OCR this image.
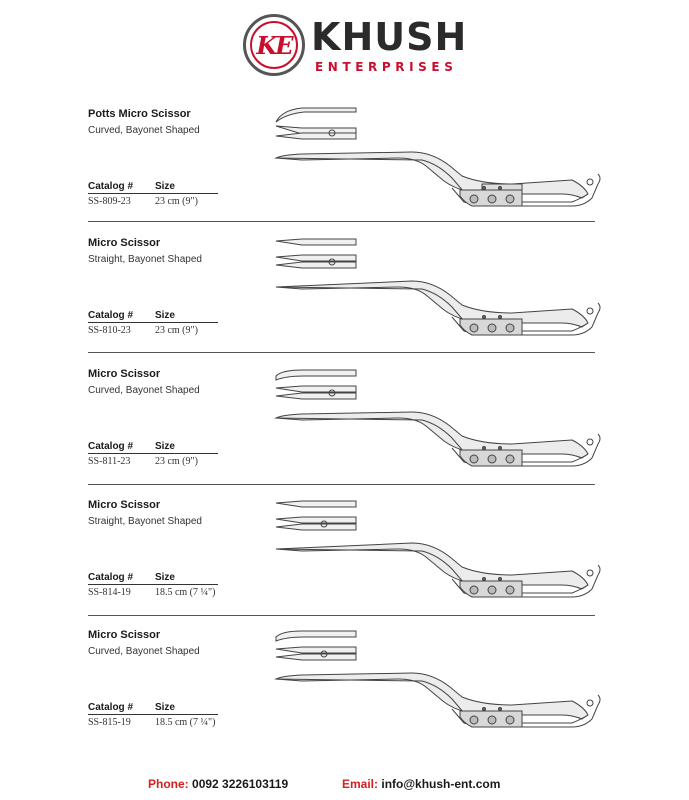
KE KHUSH
ENTERPRISES
Potts Micro Scissor
Curved, Bayonet Shaped
Catalog #	Size
SS-809-23	23 cm (9")
Micro Scissor
Straight, Bayonet Shaped
Catalog #	Size
SS-810-23	23 cm (9")
Micro Scissor
Curved, Bayonet Shaped
Catalog #	Size
SS-811-23	23 cm (9")
Micro Scissor
Straight, Bayonet Shaped
Catalog #	Size
SS-814-19	18.5 cm (7 ¼")
Micro Scissor
Curved, Bayonet Shaped
Catalog #	Size
SS-815-19	18.5 cm (7 ¼")
Phone: 0092 3226103119	Email: info@khush-ent.com
